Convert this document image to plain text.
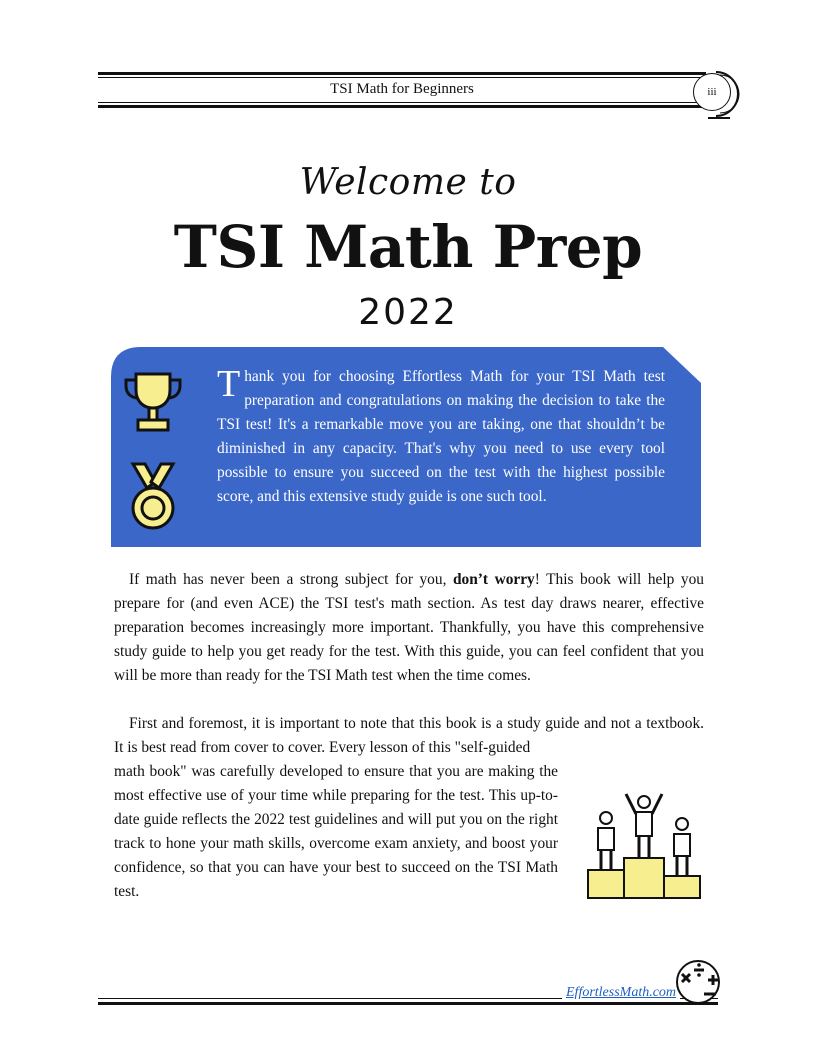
TSI Math for Beginners	iii
Welcome to
TSI Math Prep
2022
T hank you for choosing Effortless Math for your TSI Math test preparation and congratulations on making the decision to take the TSI test! It's a remarkable move you are taking, one that shouldn’t be diminished in any capacity. That's why you need to use every tool possible to ensure you succeed on the test with the highest possible score, and this extensive study guide is one such tool.
If math has never been a strong subject for you, don’t worry! This book will help you prepare for (and even ACE) the TSI test's math section. As test day draws nearer, effective preparation becomes increasingly more important. Thankfully, you have this comprehensive study guide to help you get ready for the test. With this guide, you can feel confident that you will be more than ready for the TSI Math test when the time comes.
First and foremost, it is important to note that this book is a study guide and not a textbook. It is best read from cover to cover. Every lesson of this "self-guided
math book" was carefully developed to ensure that you are making the most effective use of your time while preparing for the test. This up-to-date guide reflects the 2022 test guidelines and will put you on the right track to hone your math skills, overcome exam anxiety, and boost your confidence, so that you can have your best to succeed on the TSI Math test.
EffortlessMath.com
